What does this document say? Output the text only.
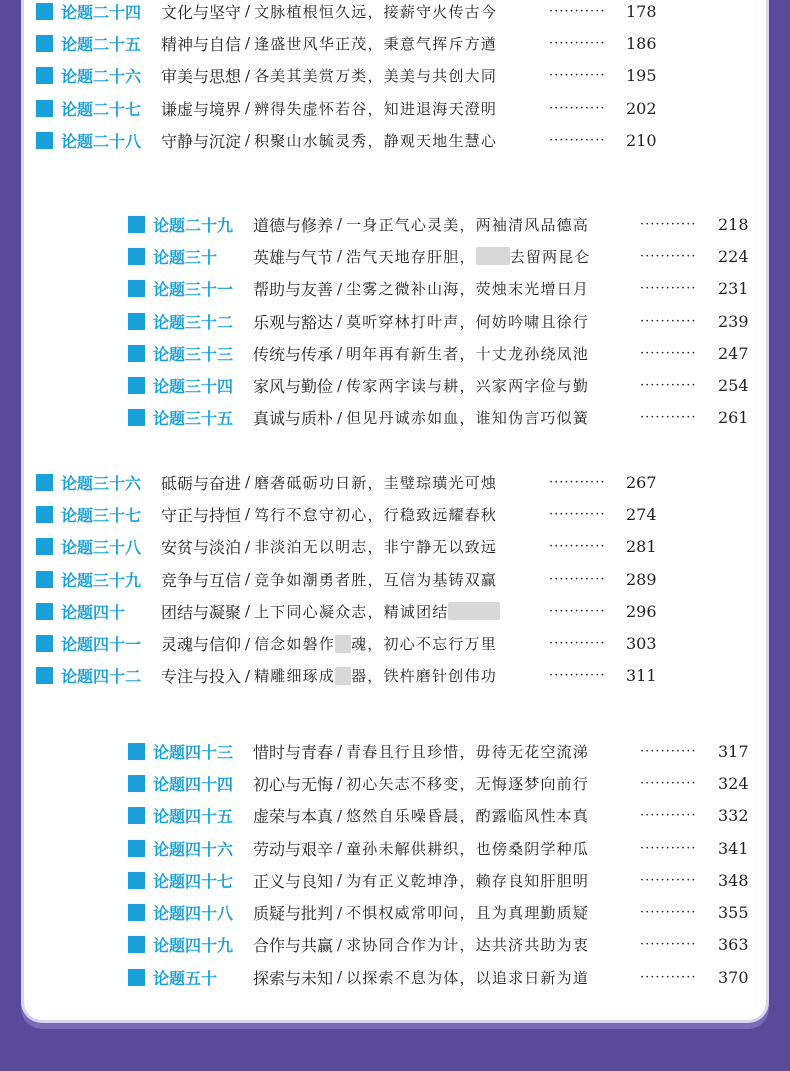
论题二十四	文化与坚守 / 文脉植根恒久远，接薪守火传古今	··········· 178
论题二十五	精神与自信 / 逢盛世风华正茂，秉意气挥斥方遒	··········· 186
论题二十六	审美与思想 / 各美其美赏万类，美美与共创大同	··········· 195
论题二十七	谦虚与境界 / 辨得失虚怀若谷，知进退海天澄明	··········· 202
论题二十八	守静与沉淀 / 积聚山水毓灵秀，静观天地生慧心	··········· 210
论题二十九	道德与修养 / 一身正气心灵美，两袖清风品德高	··········· 218
论题三十	英雄与气节 / 浩气天地存肝胆， 去留两昆仑	··········· 224
论题三十一	帮助与友善 / 尘雾之微补山海，荧烛末光增日月	··········· 231
论题三十二	乐观与豁达 / 莫听穿林打叶声，何妨吟啸且徐行	··········· 239
论题三十三	传统与传承 / 明年再有新生者，十丈龙孙绕凤池	··········· 247
论题三十四	家风与勤俭 / 传家两字读与耕，兴家两字俭与勤	··········· 254
论题三十五	真诚与质朴 / 但见丹诚赤如血，谁知伪言巧似簧	··········· 261
论题三十六	砥砺与奋进 / 磨砻砥砺功日新，圭璧琮璜光可烛	··········· 267
论题三十七	守正与持恒 / 笃行不怠守初心，行稳致远耀春秋	··········· 274
论题三十八	安贫与淡泊 / 非淡泊无以明志，非宁静无以致远	··········· 281
论题三十九	竞争与互信 / 竞争如潮勇者胜，互信为基铸双赢	··········· 289
论题四十	团结与凝聚 / 上下同心凝众志，精诚团结	··········· 296
论题四十一	灵魂与信仰 / 信念如磐作 魂，初心不忘行万里	··········· 303
论题四十二	专注与投入 / 精雕细琢成 器，铁杵磨针创伟功	··········· 311
论题四十三	惜时与青春 / 青春且行且珍惜，毋待无花空流涕	··········· 317
论题四十四	初心与无悔 / 初心矢志不移变，无悔逐梦向前行	··········· 324
论题四十五	虚荣与本真 / 悠然自乐噪昏晨，酌露临风性本真	··········· 332
论题四十六	劳动与艰辛 / 童孙未解供耕织，也傍桑阴学种瓜	··········· 341
论题四十七	正义与良知 / 为有正义乾坤净，赖存良知肝胆明	··········· 348
论题四十八	质疑与批判 / 不惧权威常叩问，且为真理勤质疑	··········· 355
论题四十九	合作与共赢 / 求协同合作为计，达共济共助为衷	··········· 363
论题五十	探索与未知 / 以探索不息为体，以追求日新为道	··········· 370
